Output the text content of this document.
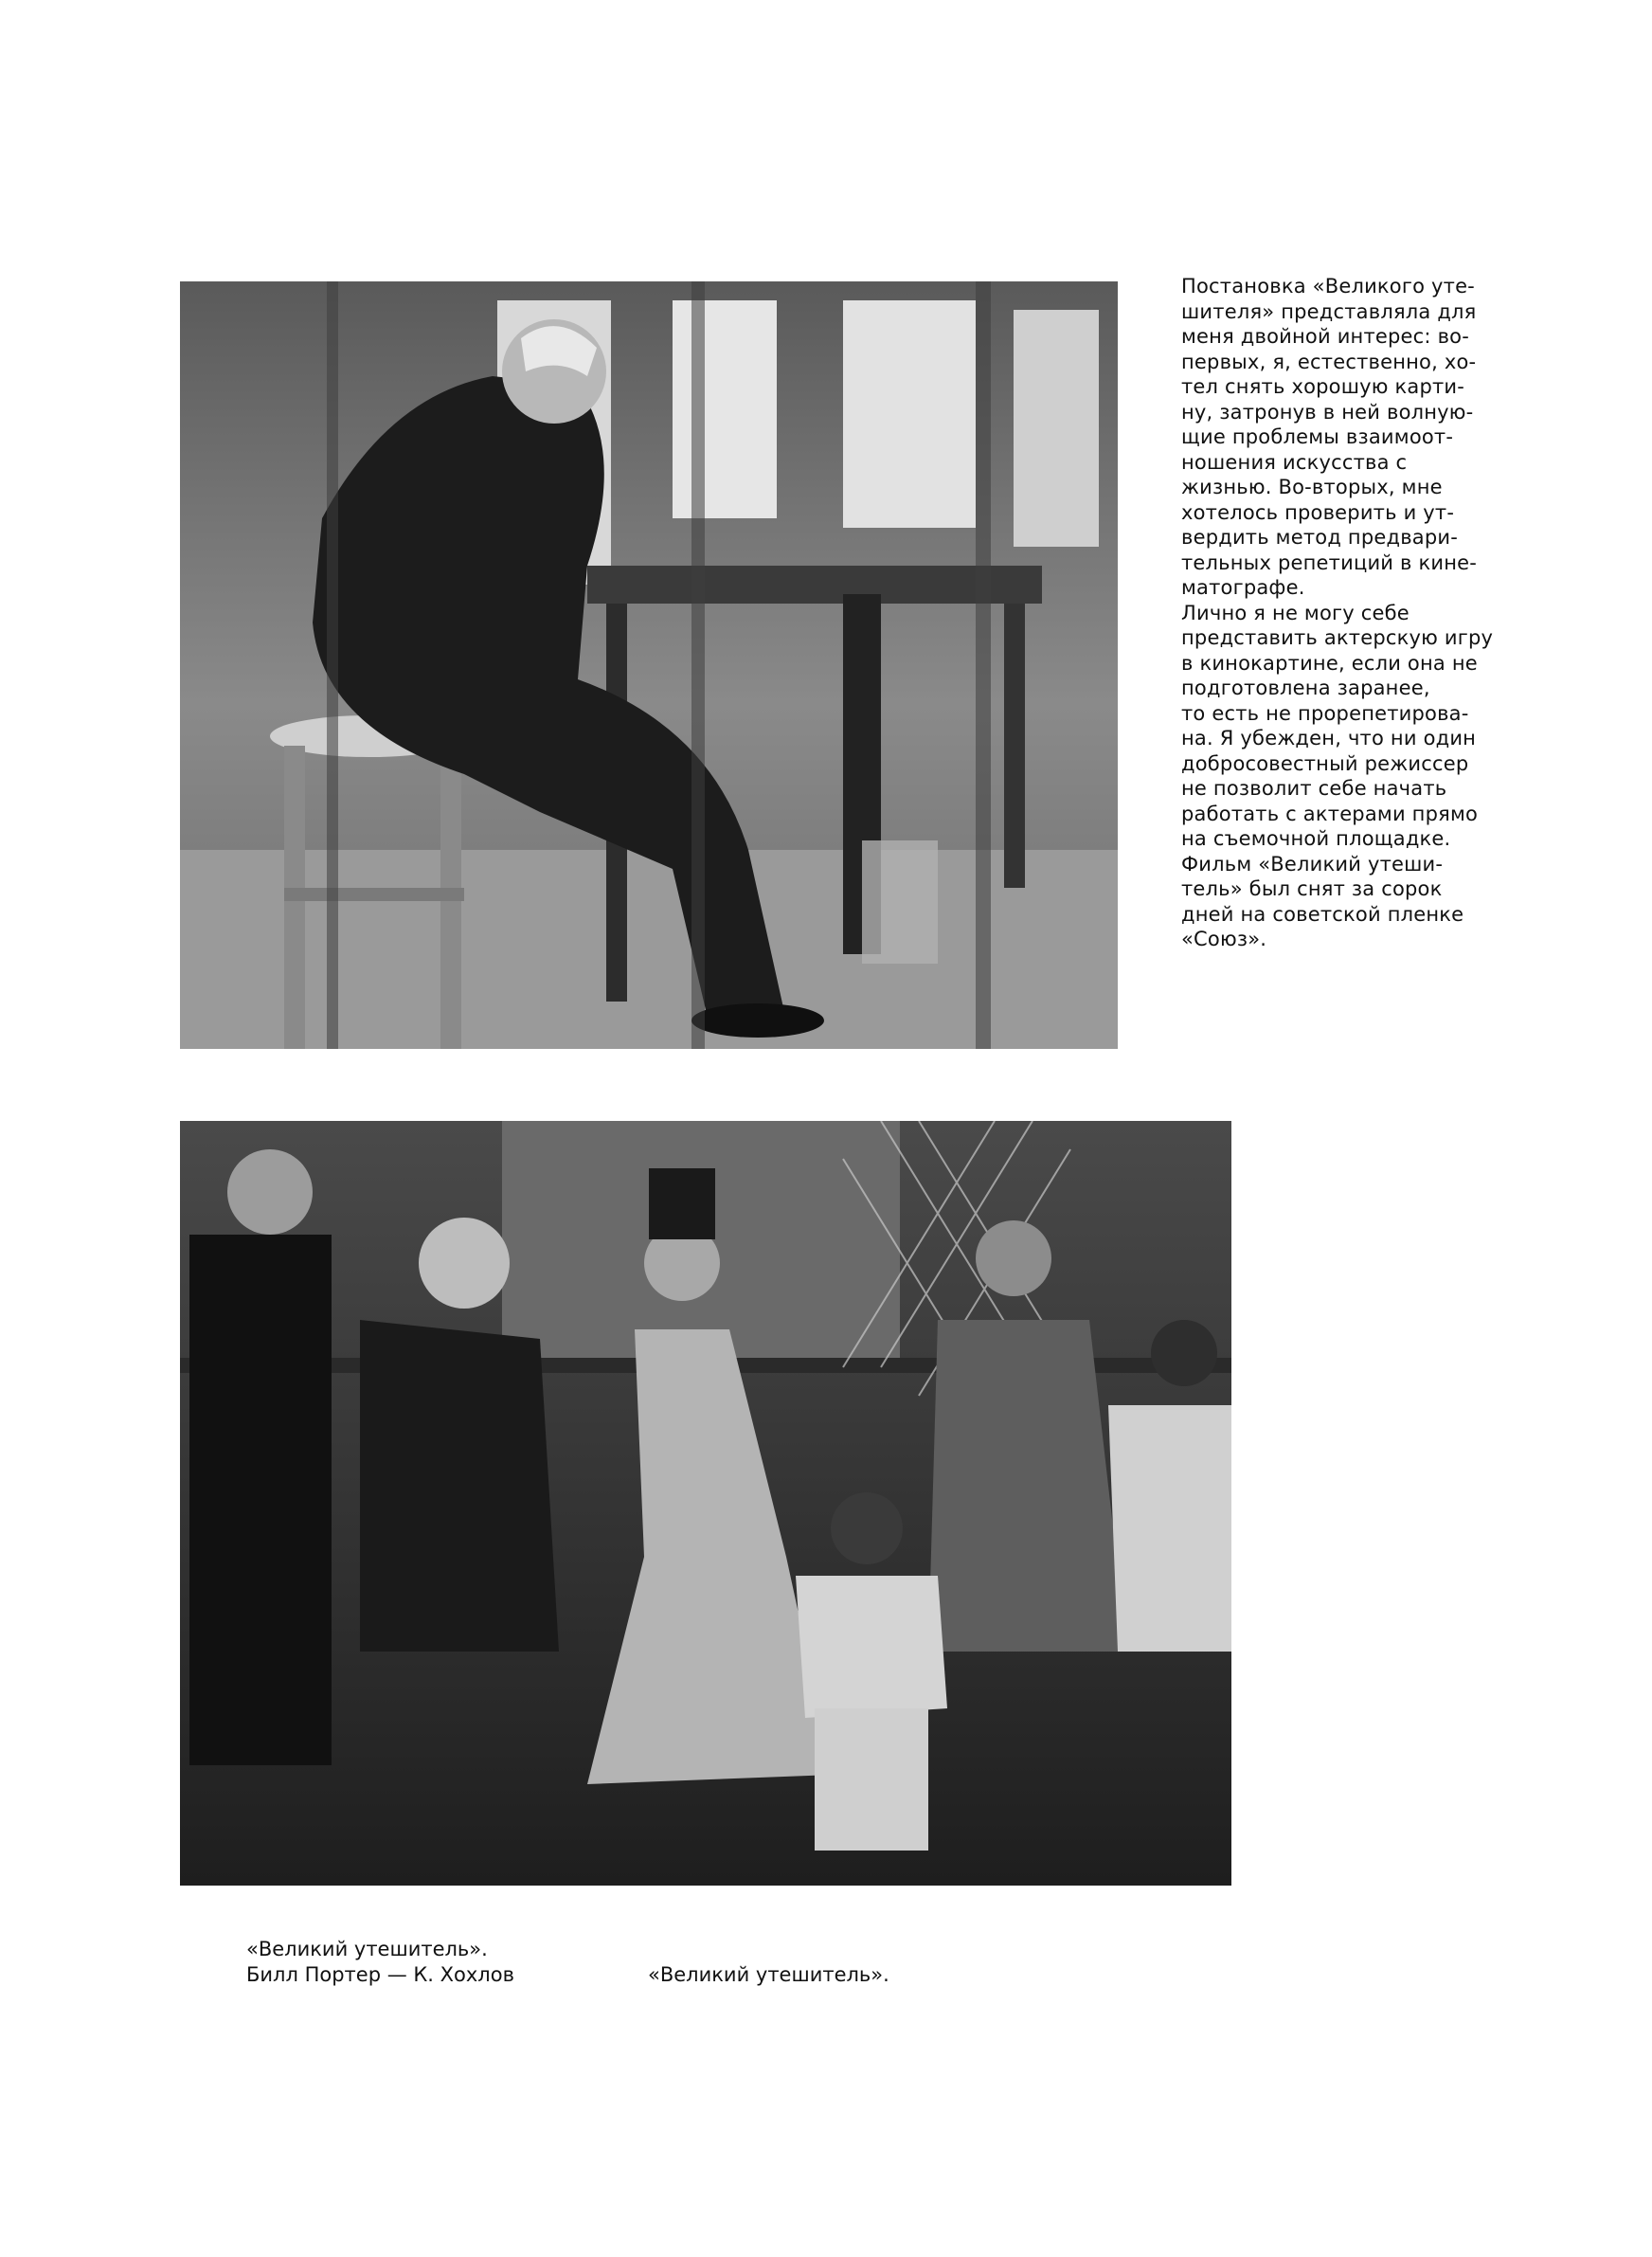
Постановка «Великого уте-
шителя» представляла для
меня двойной интерес: во-
первых, я, естественно, хо-
тел снять хорошую карти-
ну, затронув в ней волную-
щие проблемы взаимоот-
ношения искусства с
жизнью. Во-вторых, мне
хотелось проверить и ут-
вердить метод предвари-
тельных репетиций в кине-
матографе.
Лично я не могу себе
представить актерскую игру
в кинокартине, если она не
подготовлена заранее,
то есть не прорепетирова-
на. Я убежден, что ни один
добросовестный режиссер
не позволит себе начать
работать с актерами прямо
на съемочной площадке.
Фильм «Великий утеши-
тель» был снят за сорок
дней на советской пленке
«Союз».
«Великий утешитель».
Билл Портер — К. Хохлов	«Великий утешитель».
